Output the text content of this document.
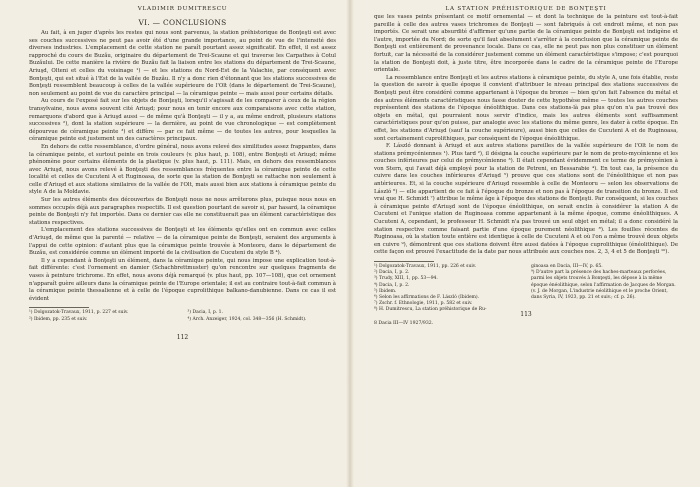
VLADIMIR DUMITRESCU
VI. — CONCLUSIONS

Au fait, à en juger d'après les restes qui nous sont parvenus, la station préhistorique de Bonţeşti est avec ses couches successives ne peut pas avoir été d'une grande importance, au point de vue de l'intensité des diverses industries. L'emplacement de cette station ne paraît pourtant assez significatif. En effet, il est assez rapproché du cours de Buzău, originaire du département de Trei-Scaune et qui traverse les Carpathes à Cotul Buzăului. De cette manière la rivière de Buzău fait la liaison entre les stations du département de Trei-Scaune, Ariuşd, Olteni et celles du voisinage ¹) — et les stations du Nord-Est de la Valachie, par conséquent avec Bonţeşti, qui est situé à l'Est de la vallée de Buzău. Il n'y a donc rien d'étonnant que les stations successives de Bonţeşti ressemblent beaucoup à celles de la vallée supérieure de l'Olt (dans le département de Trei-Scaune), non seulement au point de vue du caractère principal — la céramique peinte — mais aussi pour certains détails.

Au cours de l'exposé fait sur les objets de Bonţeşti, lorsqu'il s'agissait de les comparer à ceux de la région transylvaine, nous avons souvent cité Ariuşd; pour nous en tenir encore aux comparaisons avec cette station, remarquons d'abord que à Ariuşd aussi — de même qu'à Bonţeşti — il y a, au même endroit, plusieurs stations successives ²), dont la station supérieure — la dernière, au point de vue chronologique — est complètement dépourvue de céramique peinte ³) et diffère — par ce fait même — de toutes les autres, pour lesquelles la céramique peinte est justement un des caractères principaux.

En dehors de cette ressemblance, d'ordre général, nous avons relevé des similitudes assez frappantes, dans la céramique peinte, et surtout peinte en trois couleurs (v. plus haut, p. 108), entre Bonţeşti et Ariuşd; même phénomène pour certains éléments de la plastique (v. plus haut, p. 111). Mais, en dehors des ressemblances avec Ariuşd, nous avons relevé à Bonţeşti des ressemblances fréquentes entre la céramique peinte de cette localité et celles de Cucuteni A et Ruginoasa, de sorte que la station de Bonţeşti se rattache non seulement à celle d'Ariuşd et aux stations similaires de la vallée de l'Olt, mais aussi bien aux stations à céramique peinte du style A de la Moldavie.

Sur les autres éléments des découvertes de Bonţeşti nous ne nous arrêterons plus, puisque nous nous en sommes occupés déjà aux paragraphes respectifs. Il est question pourtant de savoir si, par hasard, la céramique peinte de Bonţeşti n'y fut importée. Dans ce dernier cas elle ne constituerait pas un élément caractéristique des stations respectives.

L'emplacement des stations successives de Bonţeşti et les éléments qu'elles ont en commun avec celles d'Ariuşd, de même que la parenté — relative — de la céramique peinte de Bonţeşti, seraient des arguments à l'appui de cette opinion: d'autant plus que la céramique peinte trouvée à Monteoru, dans le département de Buzău, est considérée comme un élément importé de la civilisation de Cucuteni du style B ⁴).

Il y a cependant à Bonţeşti un élément, dans la céramique peinte, qui nous impose une explication tout-à-fait différente: c'est l'ornement en damier (Schachbrettmuster) qu'on rencontre sur quelques fragments de vases à peinture trichrome. En effet, nous avons déjà remarqué (v. plus haut, pp. 107—108), que cet ornement n'apparaît guère ailleurs dans la céramique peinte de l'Europe orientale; il est au contraire tout-à-fait commun à la céramique peinte thessalienne et à celle de l'époque cuprolithique balkano-danubienne. Dans ce cas il est évident

¹) Dolgozatok-Travaux, 1911, p. 227 et suiv.	³) Dacia, I, p. 1.
²) Ibidem, pp. 235 et suiv.	⁴) Arch. Anzeiger, 1924, col. 348—356 (H. Schmidt).
112
LA STATION PRÉHISTORIQUE DE BONŢEŞTI

que les vases peints présentant ce motif ornemental — et dont la technique de la peinture est tout-à-fait pareille à celle des autres vases trichromes de Bonţeşti — sont fabriqués à cet endroit même, et non pas importés. Ce serait une absurdité d'affirmer qu'une partie de la céramique peinte de Bonţeşti est indigène et l'autre, importée du Nord; de sorte qu'il faut absolument s'arrêter à la conclusion que la céramique peinte de Bonţeşti est entièrement de provenance locale. Dans ce cas, elle ne peut pas non plus constituer un élément fortuit, car la nécessité de la considérer justement comme un élément caractéristique s'impose; c'est pourquoi la station de Bonţeşti doit, à juste titre, être incorporée dans le cadre de la céramique peinte de l'Europe orientale.

La ressemblance entre Bonţeşti et les autres stations à céramique peinte, du style A, une fois établie, reste la question de savoir à quelle époque il convient d'attribuer le niveau principal des stations successives de Bonţeşti peut être considéré comme appartenant à l'époque du bronze — bien qu'on fait l'absence du métal et des autres éléments caractéristiques nous fasse douter de cette hypothèse même — toutes les autres couches représentent des stations de l'époque énéolithique. Dans ces stations-là pas plus qu'on n'a pas trouvé des objets en métal, qui pourraient nous servir d'indice, mais les autres éléments sont suffisamment caractéristiques pour qu'on puisse, par analogie avec les stations du même genre, les dater à cette époque. En effet, les stations d'Ariuşd (sauf la couche supérieure), aussi bien que celles de Cucuteni A et de Ruginoasa, sont certainement cuprolithiques, par conséquent de l'époque énéolithique.

F. László donnant à Ariuşd et aux autres stations pareilles de la vallée supérieure de l'Olt le nom de stations prémycéniennes ¹). Plus tard ²), il désigna la couche supérieure par le nom de proto-mycénienne et les couches inférieures par celui de prémycénienne ³). Il était cependant évidemment ce terme de prémycénien à von Stern, qui l'avait déjà employé pour la station de Petreni, en Bessarabie ⁴). En tout cas, la présence du cuivre dans les couches inférieures d'Ariuşd ⁵) prouve que ces stations sont de l'énéolithique et non pas antérieures. Et, si la couche supérieure d'Ariuşd ressemble à celle de Monteoru — selon les observations de László ⁶) — elle appartient de ce fait à l'époque du bronze et non pas à l'époque de transition du bronze. Il est vrai que H. Schmidt ⁷) attribue le même âge à l'époque des stations de Bonţeşti. Par conséquent, si les couches à céramique peinte d'Ariuşd sont de l'époque énéolithique, on serait enclin à considérer la station A de Cucuteni et l'unique station de Ruginoasa comme appartenant à la même époque, comme énéolithiques. A Cucuteni A, cependant, le professeur H. Schmidt n'a pas trouvé un seul objet en métal; il a donc considéré la station respective comme faisant partie d'une époque purement néolithique ⁸). Les fouilles récentes de Ruginoasa, où la station toute entière est identique à celle de Cucuteni A et où l'on a même trouvé deux objets en cuivre ⁹), démontrent que ces stations doivent être aussi datées à l'époque cuprolithique (énéolithique). De cette façon est prouvé l'exactitude de la date par nous attribuée aux couches nos. 2, 3, 4 et 5 de Bonţeşti ¹⁰).

¹) Dolgozatok-Travaux, 1911, pp. 226 et suiv.
²) Dacia, I, p. 2.
³) Trudy, XIII, 1, pp. 53—94.
⁴) Dacia, I, p. 2.
⁵) Ibidem.
⁶) Selon les affirmations de F. László (Ibidem).
⁷) Zschr. f. Ethnologie, 1911, p. 582 et suiv.
⁸) H. Dumitrescu, La station préhistorique de Ru-
ginoasa en Dacia, III—IV, p. 65.
⁹) D'autre part la présence des haches-marteaux perforées, parmi les objets trouvés à Bonţeşti, les dépose à la même époque énéolithique, selon l'affirmation de Jacques de Morgan. (v. J. de Morgan, L'industrie néolithique et le proche Orient, dans Syria, IV, 1923, pp. 21 et suiv.; cf. p. 26).
8 Dacia III—IV 1927/932.
113
